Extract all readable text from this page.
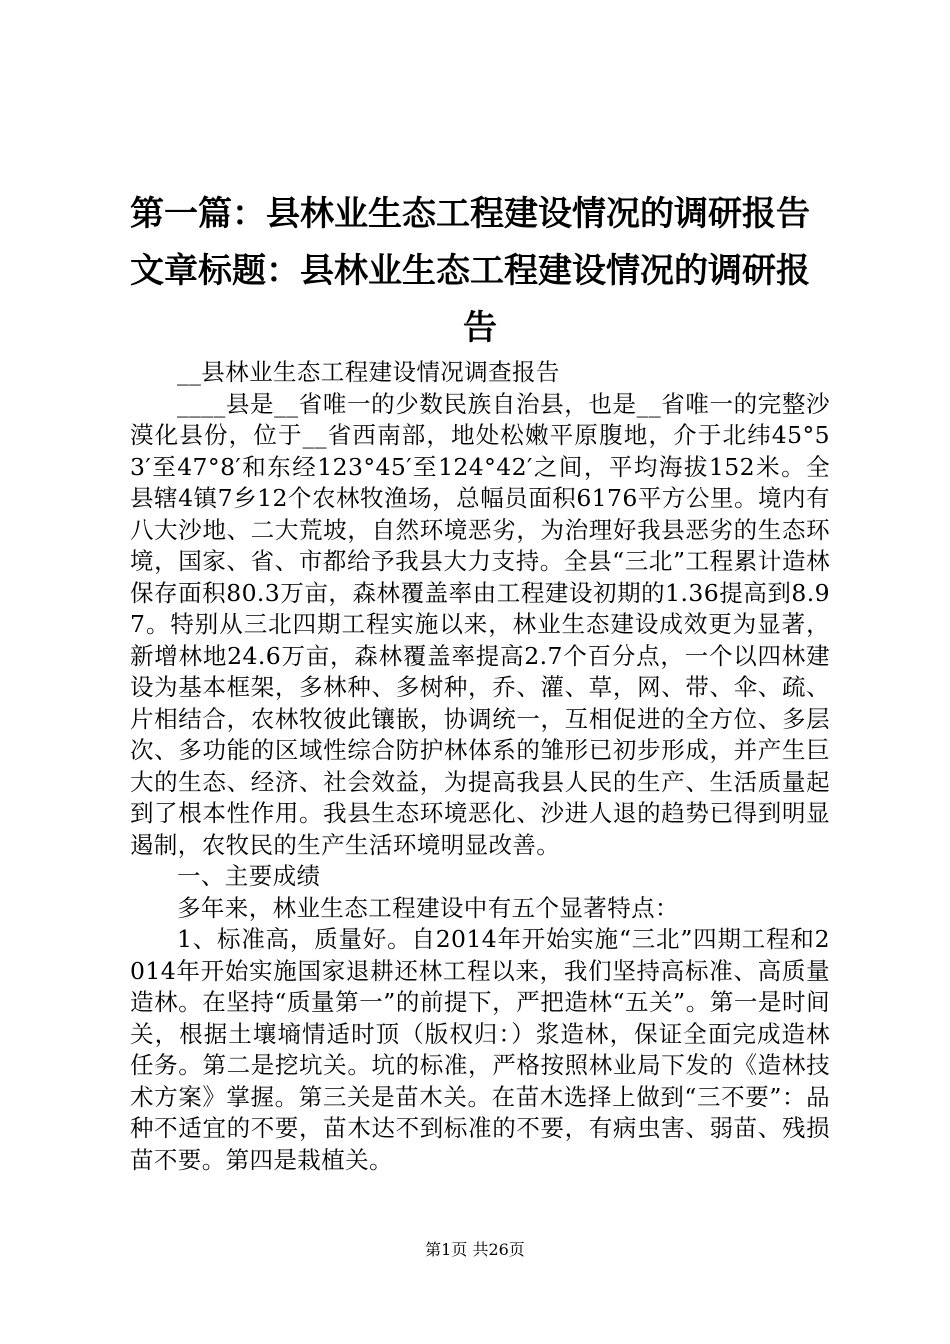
第一篇：县林业生态工程建设情况的调研报告
文章标题：县林业生态工程建设情况的调研报
告

__县林业生态工程建设情况调查报告

____县是__省唯一的少数民族自治县，也是__省唯一的完整沙漠化县份，位于__省西南部，地处松嫩平原腹地，介于北纬45°53′至47°8′和东经123°45′至124°42′之间，平均海拔152米。全县辖4镇7乡12个农林牧渔场，总幅员面积6176平方公里。境内有八大沙地、二大荒坡，自然环境恶劣，为治理好我县恶劣的生态环境，国家、省、市都给予我县大力支持。全县“三北”工程累计造林保存面积80.3万亩，森林覆盖率由工程建设初期的1.36提高到8.97。特别从三北四期工程实施以来，林业生态建设成效更为显著，新增林地24.6万亩，森林覆盖率提高2.7个百分点，一个以四林建设为基本框架，多林种、多树种，乔、灌、草，网、带、伞、疏、片相结合，农林牧彼此镶嵌，协调统一，互相促进的全方位、多层次、多功能的区域性综合防护林体系的雏形已初步形成，并产生巨大的生态、经济、社会效益，为提高我县人民的生产、生活质量起到了根本性作用。我县生态环境恶化、沙进人退的趋势已得到明显遏制，农牧民的生产生活环境明显改善。

一、主要成绩

多年来，林业生态工程建设中有五个显著特点：

1、标准高，质量好。自2014年开始实施“三北”四期工程和2014年开始实施国家退耕还林工程以来，我们坚持高标准、高质量造林。在坚持“质量第一”的前提下，严把造林“五关”。第一是时间关，根据土壤墒情适时顶（版权归：）浆造林，保证全面完成造林任务。第二是挖坑关。坑的标准，严格按照林业局下发的《造林技术方案》掌握。第三关是苗木关。在苗木选择上做到“三不要”：品种不适宜的不要，苗木达不到标准的不要，有病虫害、弱苗、残损苗不要。第四是栽植关。

第1页 共26页
